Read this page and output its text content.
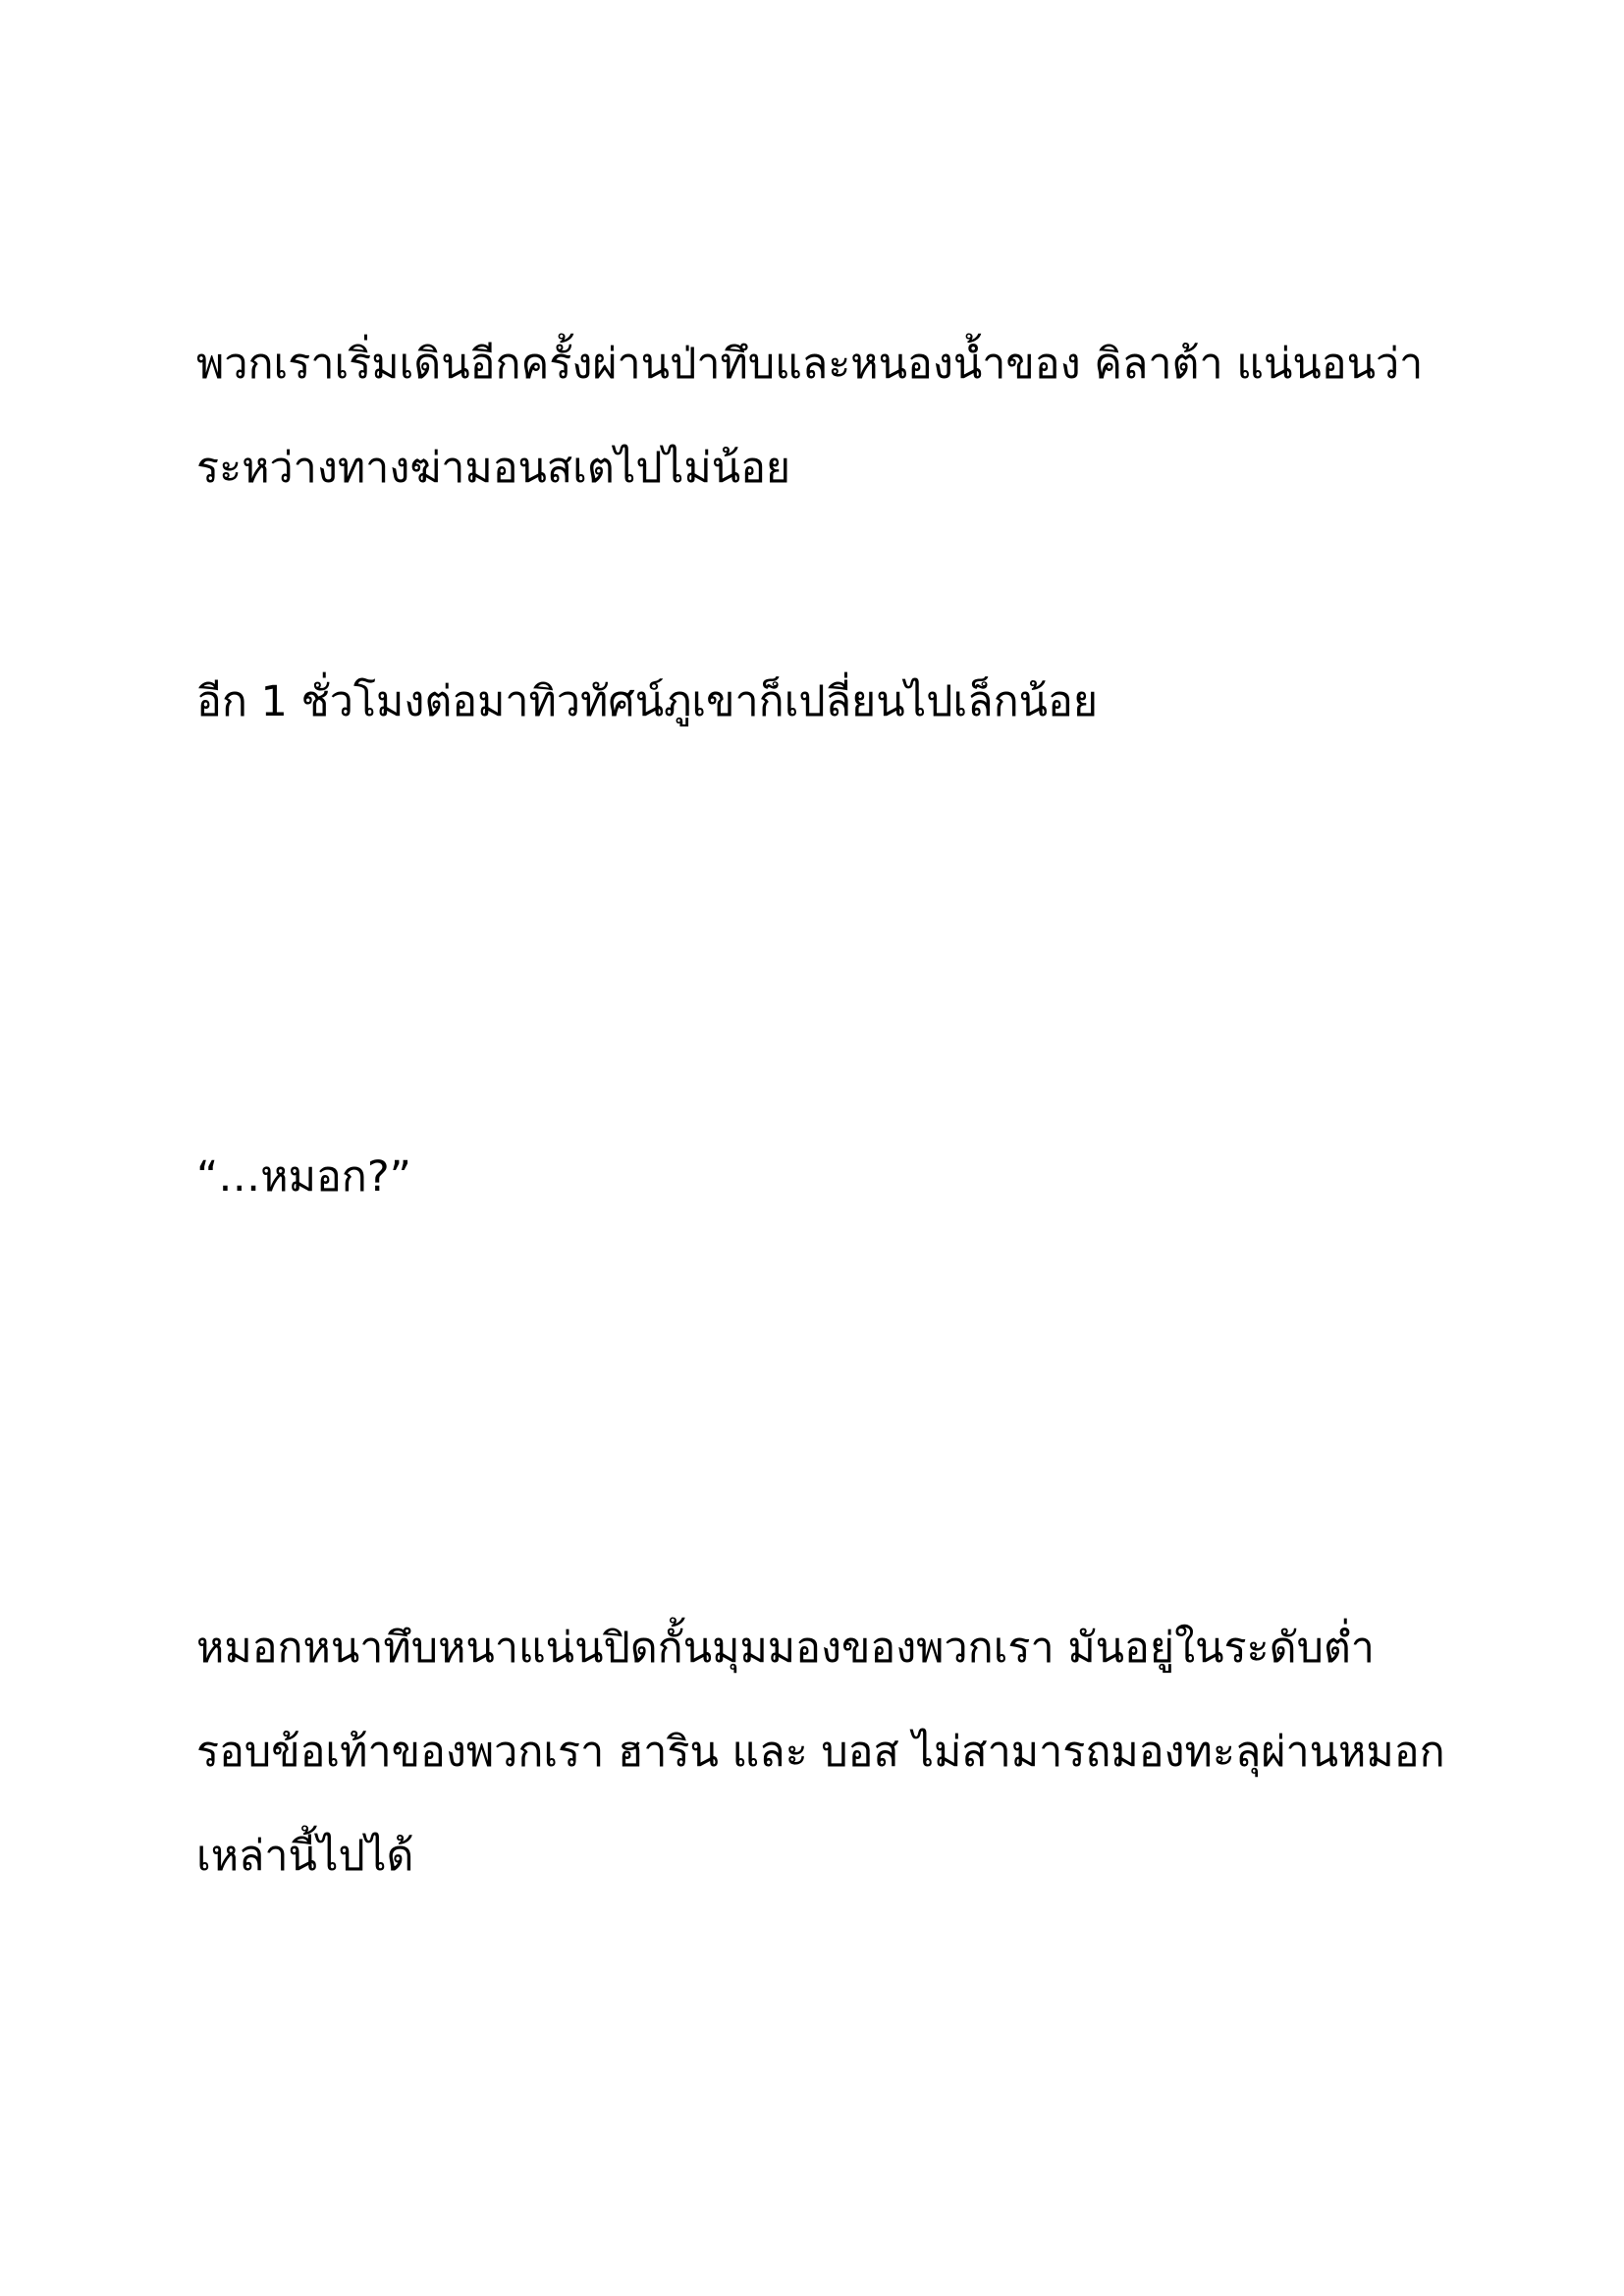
พวกเราเริ่มเดินอีกครั้งผ่านป่าทึบและหนองน้ำของ คิลาต้า แน่นอนว่า
ระหว่างทางฆ่ามอนสเตไปไม่น้อย

อีก 1 ชั่วโมงต่อมาทิวทัศน์ภูเขาก็เปลี่ยนไปเล็กน้อย

“…หมอก?”

หมอกหนาทึบหนาแน่นปิดกั้นมุมมองของพวกเรา มันอยู่ในระดับต่ำ
รอบข้อเท้าของพวกเรา ฮาริน และ บอส ไม่สามารถมองทะลุผ่านหมอก
เหล่านี้ไปได้
